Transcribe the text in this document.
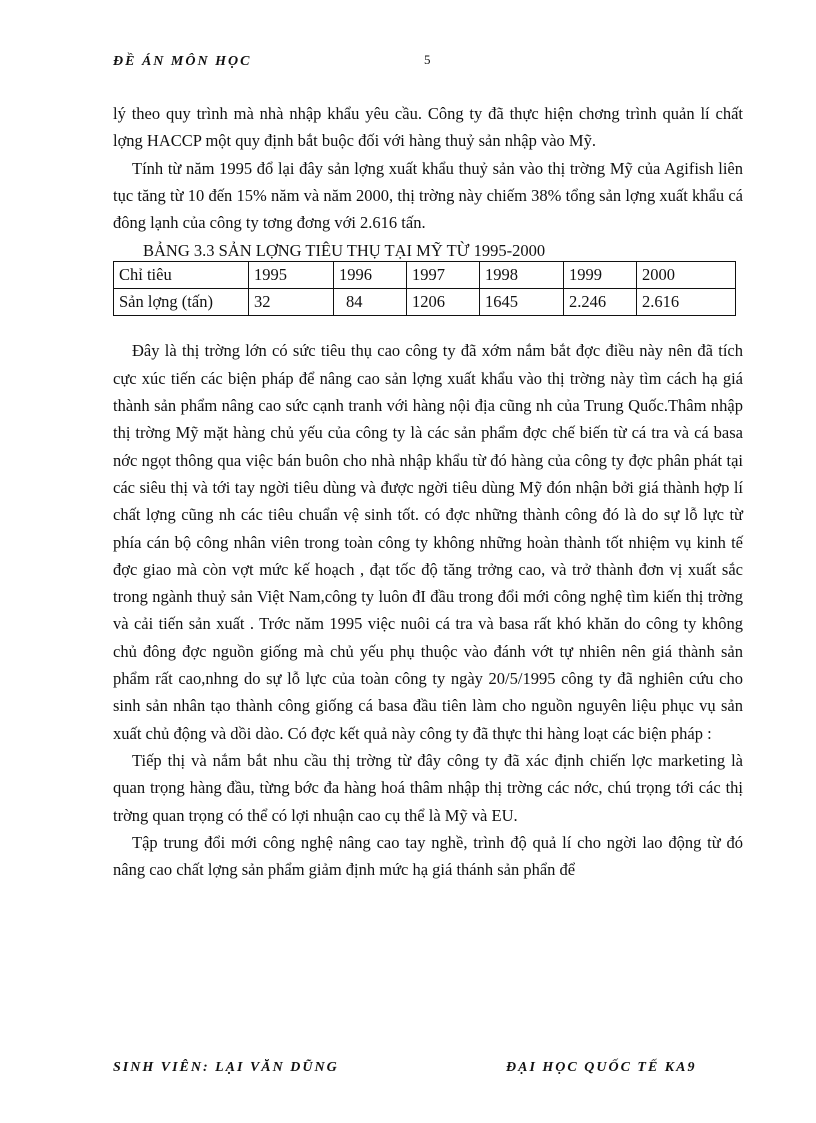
ĐỀ ÁN MÔN HỌC	5

lý theo quy trình mà nhà nhập khẩu yêu cầu. Công ty đã thực hiện chơng trình quản lí chất lợng HACCP một quy định bắt buộc đối với hàng thuỷ sản nhập vào Mỹ.

Tính từ năm 1995 đổ lại đây sản lợng xuất khẩu thuỷ sản vào thị trờng Mỹ của Agifish liên tục tăng từ 10 đến 15% năm và năm 2000, thị trờng này chiếm 38% tổng sản lợng xuất khẩu cá đông lạnh của công ty tơng đơng với 2.616 tấn.

BẢNG 3.3 SẢN LỢNG TIÊU THỤ TẠI MỸ TỪ 1995-2000
Chỉ tiêu	1995	1996	1997	1998	1999	2000
Sản lợng (tấn)	32	84	1206	1645	2.246	2.616

Đây là thị trờng lớn có sức tiêu thụ cao công ty đã xớm nắm bắt đợc điều này nên đã tích cực xúc tiến các biện pháp để nâng cao sản lợng xuất khẩu vào thị trờng này tìm cách hạ giá thành sản phẩm nâng cao sức cạnh tranh với hàng nội địa cũng nh của Trung Quốc.Thâm nhập thị trờng Mỹ mặt hàng chủ yếu của công ty là các sản phẩm đợc chế biến từ cá tra và cá basa nớc ngọt thông qua việc bán buôn cho nhà nhập khẩu từ đó hàng của công ty đợc phân phát tại các siêu thị và tới tay ngời tiêu dùng và được ngời tiêu dùng Mỹ đón nhận bởi giá thành hợp lí chất lợng cũng nh các tiêu chuẩn vệ sinh tốt. có đợc những thành công đó là do sự lỗ lực từ phía cán bộ công nhân viên trong toàn công ty không những hoàn thành tốt nhiệm vụ kinh tế đợc giao mà còn vợt mức kế hoạch , đạt tốc độ tăng trởng cao, và trở thành đơn vị xuất sắc trong ngành thuỷ sản Việt Nam,công ty luôn đI đầu trong đổi mới công nghệ tìm kiến thị trờng và cải tiến sản xuất . Trớc năm 1995 việc nuôi cá tra và basa rất khó khăn do công ty không chủ đông đợc nguồn giống mà chủ yếu phụ thuộc vào đánh vớt tự nhiên nên giá thành sản phẩm rất cao,nhng do sự lỗ lực của toàn công ty ngày 20/5/1995 công ty đã nghiên cứu cho sinh sản nhân tạo thành công giống cá basa đầu tiên làm cho nguồn nguyên liệu phục vụ sản xuất chủ động và dồi dào. Có đợc kết quả này công ty đã thực thi hàng loạt các biện pháp :

Tiếp thị và nắm bắt nhu cầu thị trờng từ đây công ty đã xác định chiến lợc marketing là quan trọng hàng đầu, từng bớc đa hàng hoá thâm nhập thị trờng các nớc, chú trọng tới các thị trờng quan trọng có thể có lợi nhuận cao cụ thể là Mỹ và EU.

Tập trung đổi mới công nghệ nâng cao tay nghề, trình độ quả lí cho ngời lao động từ đó nâng cao chất lợng sản phẩm giảm định mức hạ giá thánh sản phẩn để

SINH VIÊN: LẠI VĂN DŨNG	ĐẠI HỌC QUỐC TẾ KA9
